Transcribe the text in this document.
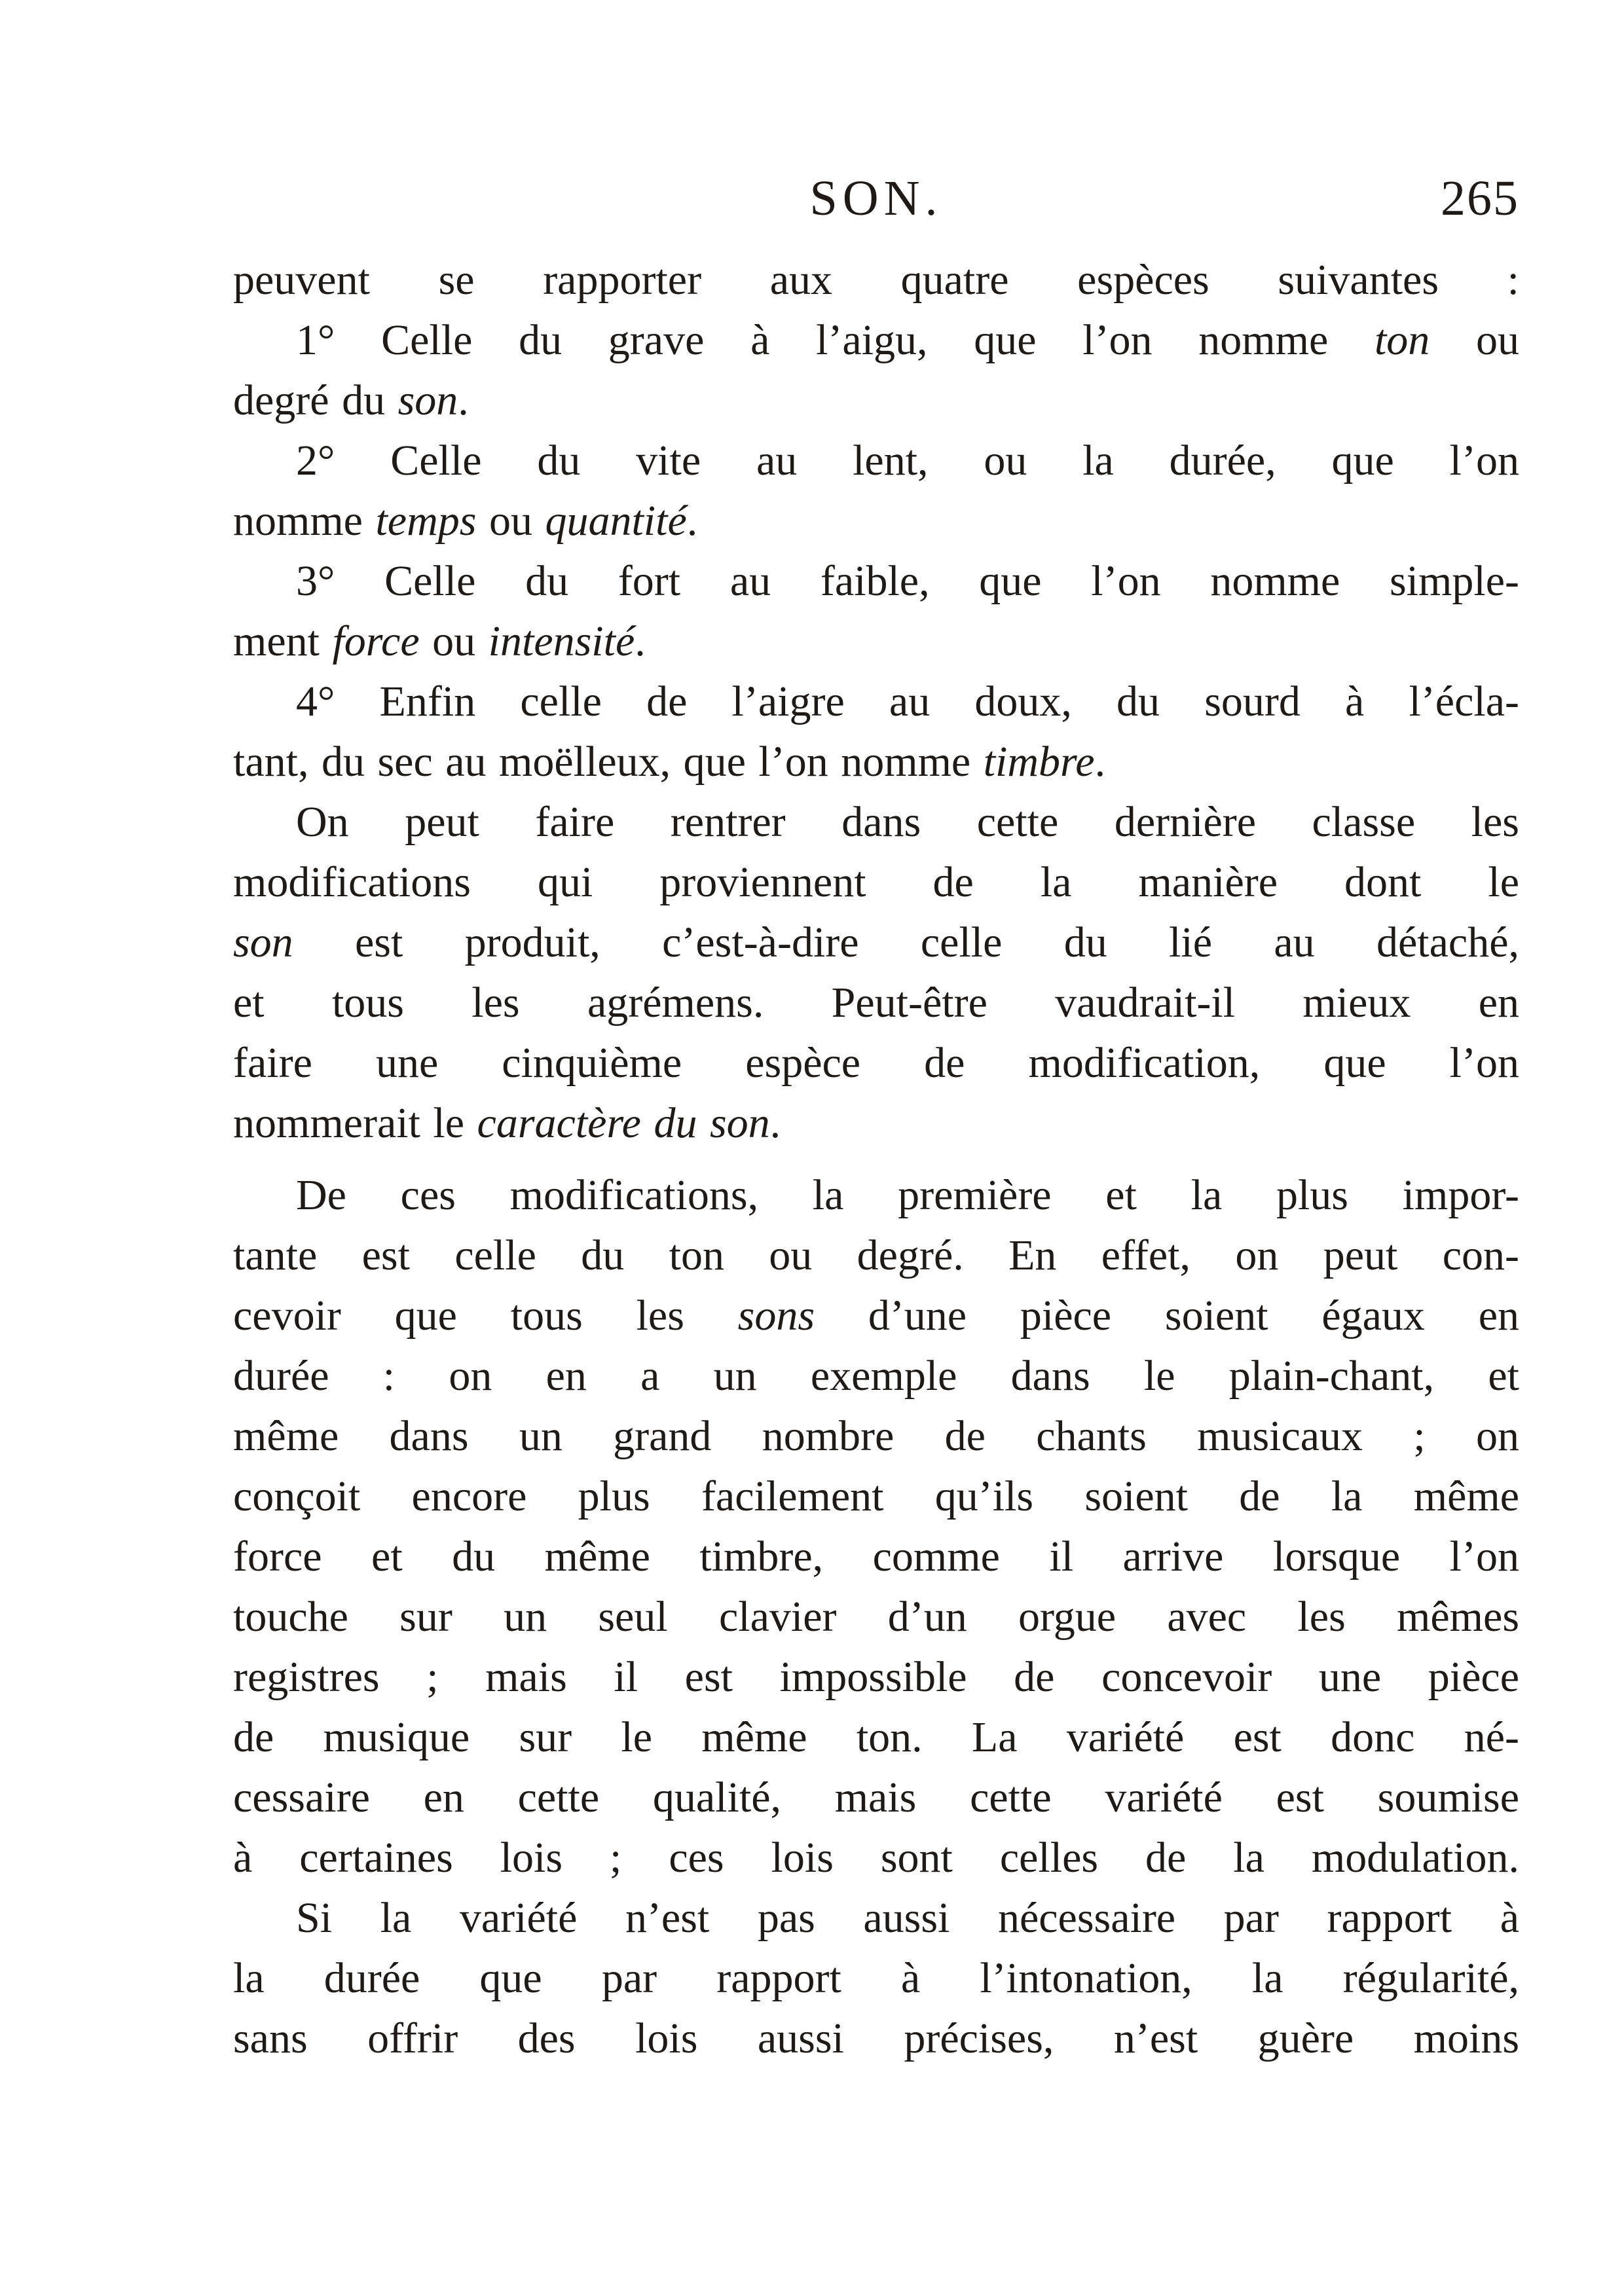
SON.	265
peuvent se rapporter aux quatre espèces suivantes :
1° Celle du grave à l’aigu, que l’on nomme ton ou
degré du son.
2° Celle du vite au lent, ou la durée, que l’on
nomme temps ou quantité.
3° Celle du fort au faible, que l’on nomme simple-
ment force ou intensité.
4° Enfin celle de l’aigre au doux, du sourd à l’écla-
tant, du sec au moëlleux, que l’on nomme timbre.
On peut faire rentrer dans cette dernière classe les
modifications qui proviennent de la manière dont le
son est produit, c’est-à-dire celle du lié au détaché,
et tous les agrémens. Peut-être vaudrait-il mieux en
faire une cinquième espèce de modification, que l’on
nommerait le caractère du son.
De ces modifications, la première et la plus impor-
tante est celle du ton ou degré. En effet, on peut con-
cevoir que tous les sons d’une pièce soient égaux en
durée : on en a un exemple dans le plain-chant, et
même dans un grand nombre de chants musicaux ; on
conçoit encore plus facilement qu’ils soient de la même
force et du même timbre, comme il arrive lorsque l’on
touche sur un seul clavier d’un orgue avec les mêmes
registres ; mais il est impossible de concevoir une pièce
de musique sur le même ton. La variété est donc né-
cessaire en cette qualité, mais cette variété est soumise
à certaines lois ; ces lois sont celles de la modulation.
Si la variété n’est pas aussi nécessaire par rapport à
la durée que par rapport à l’intonation, la régularité,
sans offrir des lois aussi précises, n’est guère moins
